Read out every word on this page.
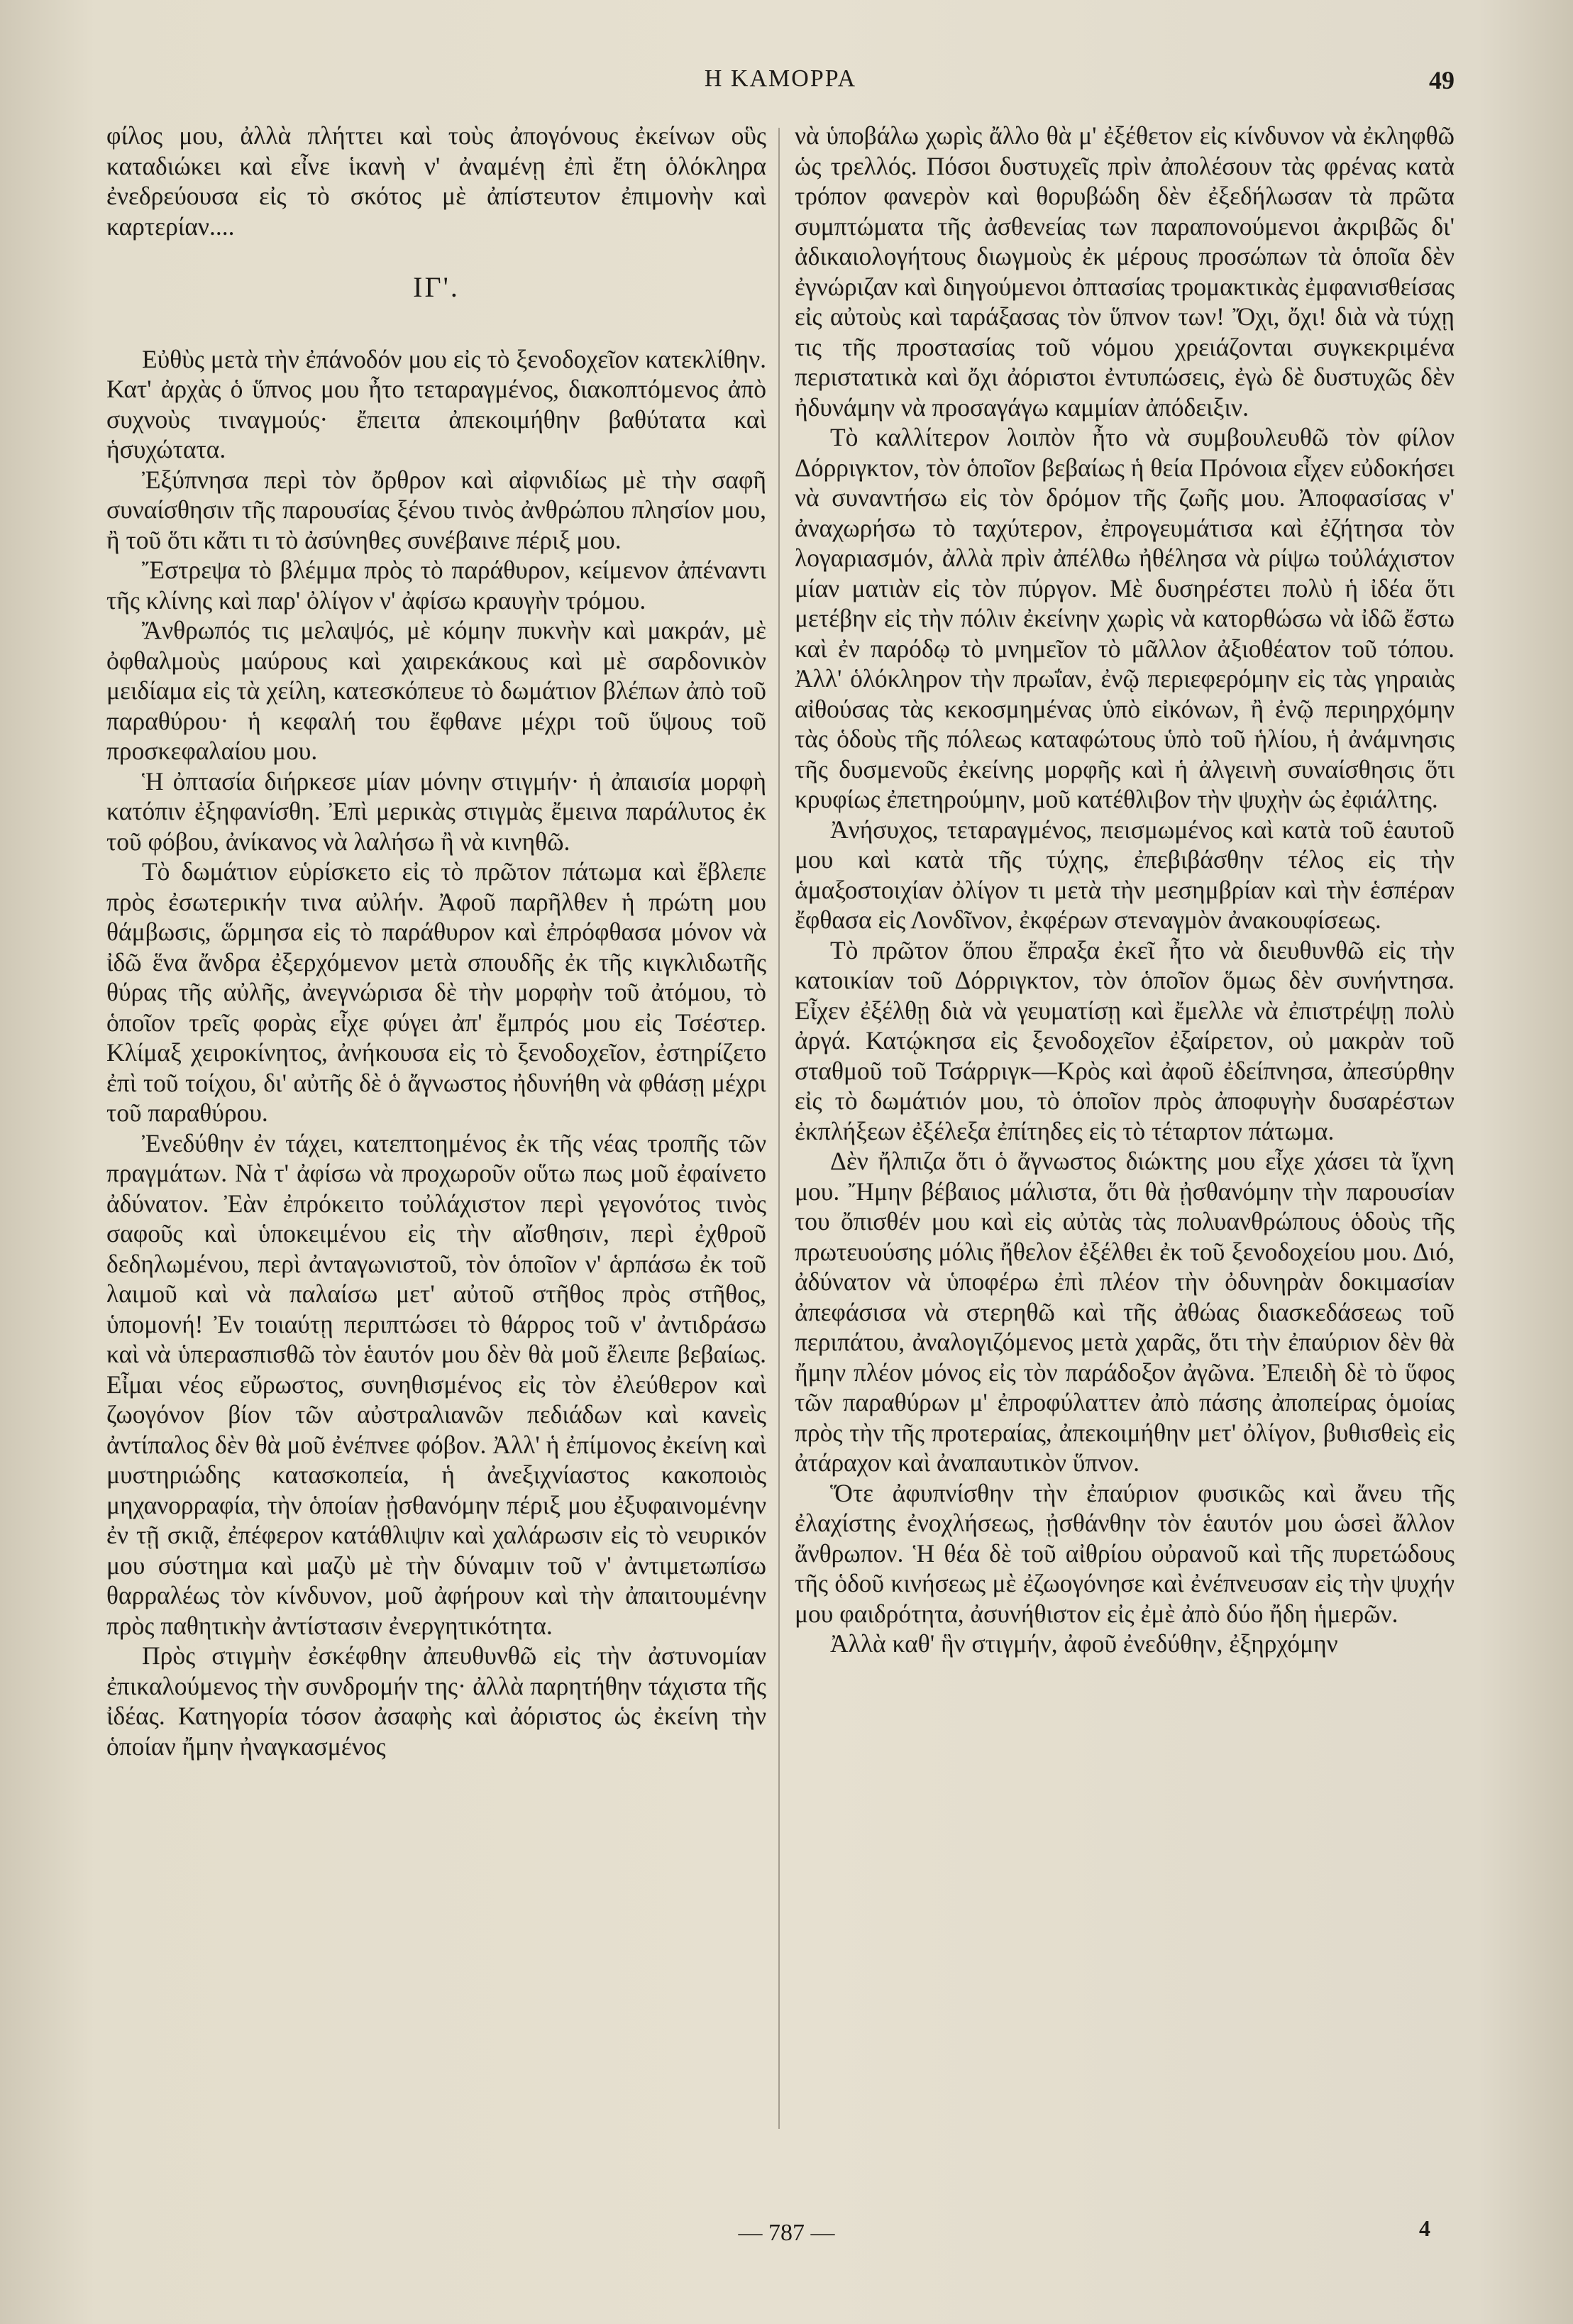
Η ΚΑΜΟΡΡΑ	49

φίλος μου, ἀλλὰ πλήττει καὶ τοὺς ἀπογόνους ἐκείνων οὓς καταδιώκει καὶ εἶνε ἱκανὴ ν' ἀναμένῃ ἐπὶ ἔτη ὁλόκληρα ἐνεδρεύουσα εἰς τὸ σκότος μὲ ἀπίστευτον ἐπιμονὴν καὶ καρτερίαν....

ΙΓ'.

Εὐθὺς μετὰ τὴν ἐπάνοδόν μου εἰς τὸ ξενοδοχεῖον κατεκλίθην. Κατ' ἀρχὰς ὁ ὕπνος μου ἦτο τεταραγμένος, διακοπτόμενος ἀπὸ συχνοὺς τιναγμούς· ἔπειτα ἀπεκοιμήθην βαθύτατα καὶ ἡσυχώτατα.

Ἐξύπνησα περὶ τὸν ὄρθρον καὶ αἰφνιδίως μὲ τὴν σαφῆ συναίσθησιν τῆς παρουσίας ξένου τινὸς ἀνθρώπου πλησίον μου, ἢ τοῦ ὅτι κἄτι τι τὸ ἀσύνηθες συνέβαινε πέριξ μου.

Ἔστρεψα τὸ βλέμμα πρὸς τὸ παράθυρον, κείμενον ἀπέναντι τῆς κλίνης καὶ παρ' ὀλίγον ν' ἀφίσω κραυγὴν τρόμου.

Ἄνθρωπός τις μελαψός, μὲ κόμην πυκνὴν καὶ μακράν, μὲ ὀφθαλμοὺς μαύρους καὶ χαιρεκάκους καὶ μὲ σαρδονικὸν μειδίαμα εἰς τὰ χείλη, κατεσκόπευε τὸ δωμάτιον βλέπων ἀπὸ τοῦ παραθύρου· ἡ κεφαλή του ἔφθανε μέχρι τοῦ ὕψους τοῦ προσκεφαλαίου μου.

Ἡ ὀπτασία διήρκεσε μίαν μόνην στιγμήν· ἡ ἀπαισία μορφὴ κατόπιν ἐξηφανίσθη. Ἐπὶ μερικὰς στιγμὰς ἔμεινα παράλυτος ἐκ τοῦ φόβου, ἀνίκανος νὰ λαλήσω ἢ νὰ κινηθῶ.

Τὸ δωμάτιον εὑρίσκετο εἰς τὸ πρῶτον πάτωμα καὶ ἔβλεπε πρὸς ἐσωτερικήν τινα αὐλήν. Ἀφοῦ παρῆλθεν ἡ πρώτη μου θάμβωσις, ὥρμησα εἰς τὸ παράθυρον καὶ ἐπρόφθασα μόνον νὰ ἰδῶ ἕνα ἄνδρα ἐξερχόμενον μετὰ σπουδῆς ἐκ τῆς κιγκλιδωτῆς θύρας τῆς αὐλῆς, ἀνεγνώρισα δὲ τὴν μορφὴν τοῦ ἀτόμου, τὸ ὁποῖον τρεῖς φορὰς εἶχε φύγει ἀπ' ἔμπρός μου εἰς Τσέστερ. Κλίμαξ χειροκίνητος, ἀνήκουσα εἰς τὸ ξενοδοχεῖον, ἐστηρίζετο ἐπὶ τοῦ τοίχου, δι' αὐτῆς δὲ ὁ ἄγνωστος ἠδυνήθη νὰ φθάσῃ μέχρι τοῦ παραθύρου.

Ἐνεδύθην ἐν τάχει, κατεπτοημένος ἐκ τῆς νέας τροπῆς τῶν πραγμάτων. Νὰ τ' ἀφίσω νὰ προχωροῦν οὕτω πως μοῦ ἐφαίνετο ἀδύνατον. Ἐὰν ἐπρόκειτο τοὐλάχιστον περὶ γεγονότος τινὸς σαφοῦς καὶ ὑποκειμένου εἰς τὴν αἴσθησιν, περὶ ἐχθροῦ δεδηλωμένου, περὶ ἀνταγωνιστοῦ, τὸν ὁποῖον ν' ἁρπάσω ἐκ τοῦ λαιμοῦ καὶ νὰ παλαίσω μετ' αὐτοῦ στῆθος πρὸς στῆθος, ὑπομονή! Ἐν τοιαύτῃ περιπτώσει τὸ θάρρος τοῦ ν' ἀντιδράσω καὶ νὰ ὑπερασπισθῶ τὸν ἑαυτόν μου δὲν θὰ μοῦ ἔλειπε βεβαίως. Εἶμαι νέος εὔρωστος, συνηθισμένος εἰς τὸν ἐλεύθερον καὶ ζωογόνον βίον τῶν αὐστραλιανῶν πεδιάδων καὶ κανεὶς ἀντίπαλος δὲν θὰ μοῦ ἐνέπνεε φόβον. Ἀλλ' ἡ ἐπίμονος ἐκείνη καὶ μυστηριώδης κατασκοπεία, ἡ ἀνεξιχνίαστος κακοποιὸς μηχανορραφία, τὴν ὁποίαν ᾐσθανόμην πέριξ μου ἐξυφαινομένην ἐν τῇ σκιᾷ, ἐπέφερον κατάθλιψιν καὶ χαλάρωσιν εἰς τὸ νευρικόν μου σύστημα καὶ μαζὺ μὲ τὴν δύναμιν τοῦ ν' ἀντιμετωπίσω θαρραλέως τὸν κίνδυνον, μοῦ ἀφήρουν καὶ τὴν ἀπαιτουμένην πρὸς παθητικὴν ἀντίστασιν ἐνεργητικότητα.

Πρὸς στιγμὴν ἐσκέφθην ἀπευθυνθῶ εἰς τὴν ἀστυνομίαν ἐπικαλούμενος τὴν συνδρομήν της· ἀλλὰ παρητήθην τάχιστα τῆς ἰδέας. Κατηγορία τόσον ἀσαφὴς καὶ ἀόριστος ὡς ἐκείνη τὴν ὁποίαν ἤμην ἠναγκασμένος

νὰ ὑποβάλω χωρὶς ἄλλο θὰ μ' ἐξέθετον εἰς κίνδυνον νὰ ἐκληφθῶ ὡς τρελλός. Πόσοι δυστυχεῖς πρὶν ἀπολέσουν τὰς φρένας κατὰ τρόπον φανερὸν καὶ θορυβώδη δὲν ἐξεδήλωσαν τὰ πρῶτα συμπτώματα τῆς ἀσθενείας των παραπονούμενοι ἀκριβῶς δι' ἀδικαιολογήτους διωγμοὺς ἐκ μέρους προσώπων τὰ ὁποῖα δὲν ἐγνώριζαν καὶ διηγούμενοι ὀπτασίας τρομακτικὰς ἐμφανισθείσας εἰς αὐτοὺς καὶ ταράξασας τὸν ὕπνον των! Ὄχι, ὄχι! διὰ νὰ τύχῃ τις τῆς προστασίας τοῦ νόμου χρειάζονται συγκεκριμένα περιστατικὰ καὶ ὄχι ἀόριστοι ἐντυπώσεις, ἐγὼ δὲ δυστυχῶς δὲν ἠδυνάμην νὰ προσαγάγω καμμίαν ἀπόδειξιν.

Τὸ καλλίτερον λοιπὸν ἦτο νὰ συμβουλευθῶ τὸν φίλον Δόρριγκτον, τὸν ὁποῖον βεβαίως ἡ θεία Πρόνοια εἶχεν εὐδοκήσει νὰ συναντήσω εἰς τὸν δρόμον τῆς ζωῆς μου. Ἀποφασίσας ν' ἀναχωρήσω τὸ ταχύτερον, ἐπρογευμάτισα καὶ ἐζήτησα τὸν λογαριασμόν, ἀλλὰ πρὶν ἀπέλθω ἠθέλησα νὰ ρίψω τοὐλάχιστον μίαν ματιὰν εἰς τὸν πύργον. Μὲ δυσηρέστει πολὺ ἡ ἰδέα ὅτι μετέβην εἰς τὴν πόλιν ἐκείνην χωρὶς νὰ κατορθώσω νὰ ἰδῶ ἔστω καὶ ἐν παρόδῳ τὸ μνημεῖον τὸ μᾶλλον ἀξιοθέατον τοῦ τόπου. Ἀλλ' ὁλόκληρον τὴν πρωΐαν, ἐνῷ περιεφερόμην εἰς τὰς γηραιὰς αἰθούσας τὰς κεκοσμημένας ὑπὸ εἰκόνων, ἢ ἐνῷ περιηρχόμην τὰς ὁδοὺς τῆς πόλεως καταφώτους ὑπὸ τοῦ ἡλίου, ἡ ἀνάμνησις τῆς δυσμενοῦς ἐκείνης μορφῆς καὶ ἡ ἀλγεινὴ συναίσθησις ὅτι κρυφίως ἐπετηρούμην, μοῦ κατέθλιβον τὴν ψυχὴν ὡς ἐφιάλτης.

Ἀνήσυχος, τεταραγμένος, πεισμωμένος καὶ κατὰ τοῦ ἑαυτοῦ μου καὶ κατὰ τῆς τύχης, ἐπεβιβάσθην τέλος εἰς τὴν ἁμαξοστοιχίαν ὀλίγον τι μετὰ τὴν μεσημβρίαν καὶ τὴν ἑσπέραν ἔφθασα εἰς Λονδῖνον, ἐκφέρων στεναγμὸν ἀνακουφίσεως.

Τὸ πρῶτον ὅπου ἔπραξα ἐκεῖ ἦτο νὰ διευθυνθῶ εἰς τὴν κατοικίαν τοῦ Δόρριγκτον, τὸν ὁποῖον ὅμως δὲν συνήντησα. Εἶχεν ἐξέλθῃ διὰ νὰ γευματίσῃ καὶ ἔμελλε νὰ ἐπιστρέψῃ πολὺ ἀργά. Κατῴκησα εἰς ξενοδοχεῖον ἐξαίρετον, οὐ μακρὰν τοῦ σταθμοῦ τοῦ Τσάρριγκ—Κρὸς καὶ ἀφοῦ ἐδείπνησα, ἀπεσύρθην εἰς τὸ δωμάτιόν μου, τὸ ὁποῖον πρὸς ἀποφυγὴν δυσαρέστων ἐκπλήξεων ἐξέλεξα ἐπίτηδες εἰς τὸ τέταρτον πάτωμα.

Δὲν ἤλπιζα ὅτι ὁ ἄγνωστος διώκτης μου εἶχε χάσει τὰ ἴχνη μου. Ἤμην βέβαιος μάλιστα, ὅτι θὰ ᾐσθανόμην τὴν παρουσίαν του ὄπισθέν μου καὶ εἰς αὐτὰς τὰς πολυανθρώπους ὁδοὺς τῆς πρωτευούσης μόλις ἤθελον ἐξέλθει ἐκ τοῦ ξενοδοχείου μου. Διό, ἀδύνατον νὰ ὑποφέρω ἐπὶ πλέον τὴν ὀδυνηρὰν δοκιμασίαν ἀπεφάσισα νὰ στερηθῶ καὶ τῆς ἀθώας διασκεδάσεως τοῦ περιπάτου, ἀναλογιζόμενος μετὰ χαρᾶς, ὅτι τὴν ἐπαύριον δὲν θὰ ἤμην πλέον μόνος εἰς τὸν παράδοξον ἀγῶνα. Ἐπειδὴ δὲ τὸ ὕφος τῶν παραθύρων μ' ἐπροφύλαττεν ἀπὸ πάσης ἀποπείρας ὁμοίας πρὸς τὴν τῆς προτεραίας, ἀπεκοιμήθην μετ' ὀλίγον, βυθισθεὶς εἰς ἀτάραχον καὶ ἀναπαυτικὸν ὕπνον.

Ὅτε ἀφυπνίσθην τὴν ἐπαύριον φυσικῶς καὶ ἄνευ τῆς ἐλαχίστης ἐνοχλήσεως, ᾐσθάνθην τὸν ἑαυτόν μου ὡσεὶ ἄλλον ἄνθρωπον. Ἡ θέα δὲ τοῦ αἰθρίου οὐρανοῦ καὶ τῆς πυρετώδους τῆς ὁδοῦ κινήσεως μὲ ἐζωογόνησε καὶ ἐνέπνευσαν εἰς τὴν ψυχήν μου φαιδρότητα, ἀσυνήθιστον εἰς ἐμὲ ἀπὸ δύο ἤδη ἡμερῶν.

Ἀλλὰ καθ' ἣν στιγμήν, ἀφοῦ ἐνεδύθην, ἐξηρχόμην

— 787 —	4
